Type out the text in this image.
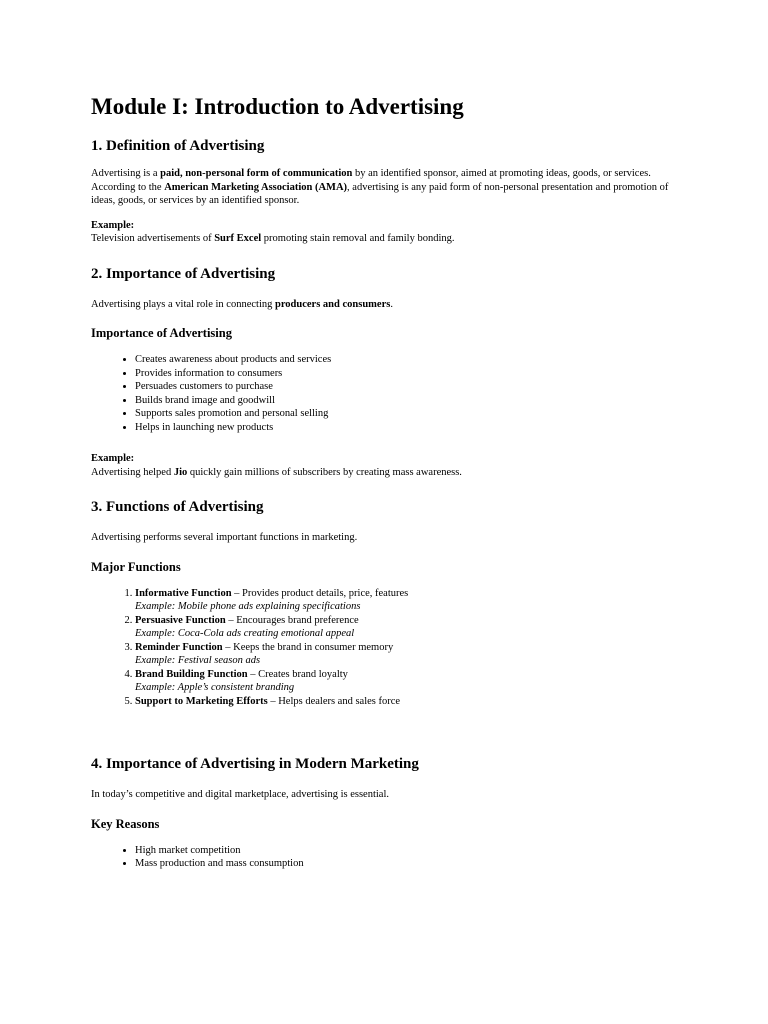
Module I: Introduction to Advertising
1. Definition of Advertising

Advertising is a paid, non-personal form of communication by an identified sponsor, aimed at promoting ideas, goods, or services. According to the American Marketing Association (AMA), advertising is any paid form of non-personal presentation and promotion of ideas, goods, or services by an identified sponsor.

Example:

Television advertisements of Surf Excel promoting stain removal and family bonding.

2. Importance of Advertising

Advertising plays a vital role in connecting producers and consumers.

Importance of Advertising
• Creates awareness about products and services
• Provides information to consumers
• Persuades customers to purchase
• Builds brand image and goodwill
• Supports sales promotion and personal selling
• Helps in launching new products

Example:

Advertising helped Jio quickly gain millions of subscribers by creating mass awareness.

3. Functions of Advertising

Advertising performs several important functions in marketing.

Major Functions
1. Informative Function – Provides product details, price, features
Example: Mobile phone ads explaining specifications
2. Persuasive Function – Encourages brand preference
Example: Coca-Cola ads creating emotional appeal
3. Reminder Function – Keeps the brand in consumer memory
Example: Festival season ads
4. Brand Building Function – Creates brand loyalty
Example: Apple’s consistent branding
5. Support to Marketing Efforts – Helps dealers and sales force
4. Importance of Advertising in Modern Marketing

In today’s competitive and digital marketplace, advertising is essential.

Key Reasons
• High market competition
• Mass production and mass consumption
